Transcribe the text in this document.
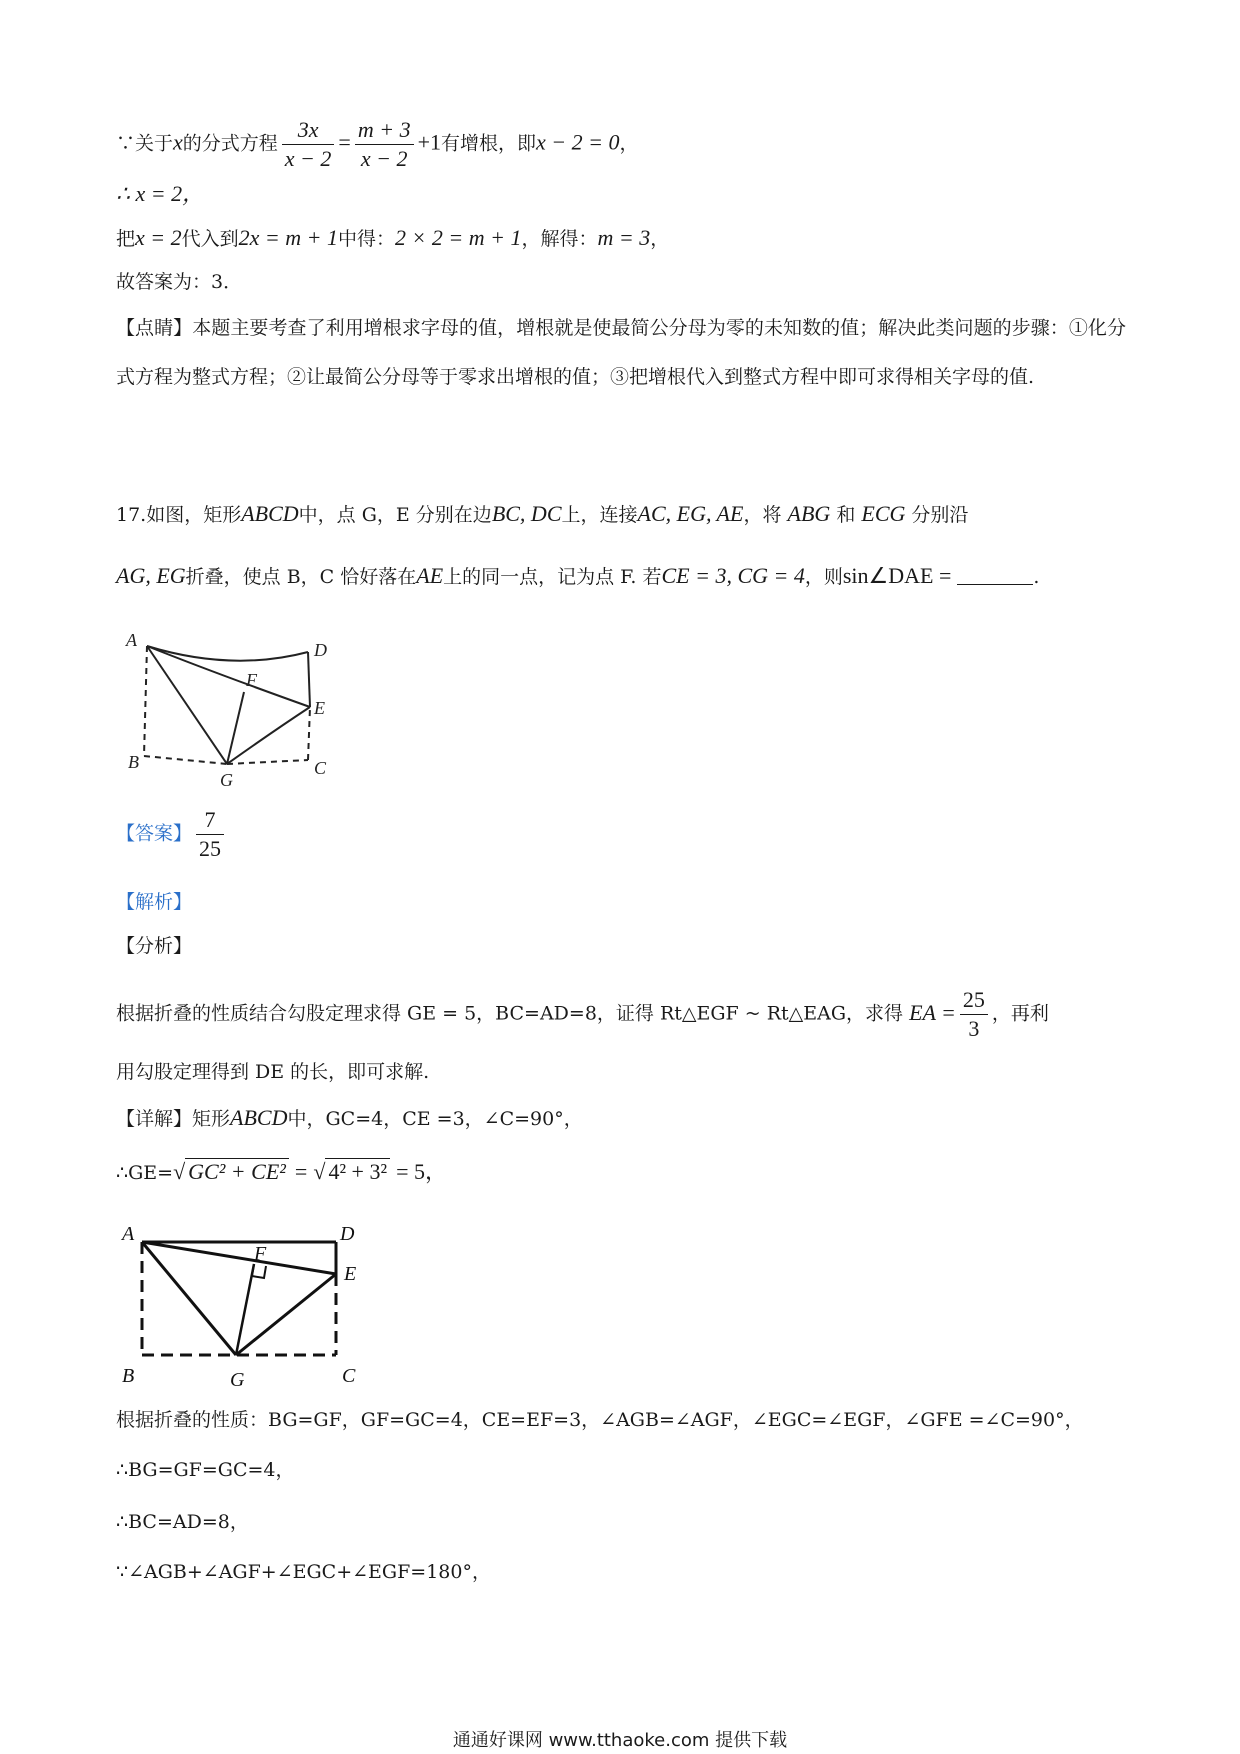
∵关于x的分式方程 $\frac{3x}{x - 2} = \frac{m + 3}{x - 2} +1$有增根，即x − 2 = 0，
∴ x = 2，
把x = 2代入到2x = m + 1中得：2 × 2 = m + 1，解得：m = 3，
故答案为：3．
【点睛】本题主要考查了利用增根求字母的值，增根就是使最简公分母为零的未知数的值；解决此类问题的步骤：①化分式方程为整式方程；②让最简公分母等于零求出增根的值；③把增根代入到整式方程中即可求得相关字母的值.
17.如图，矩形ABCD中，点 G，E 分别在边BC, DC上，连接AC, EG, AE，将 ABG 和 ECG 分别沿
AG, EG折叠，使点 B，C 恰好落在AE上的同一点，记为点 F. 若CE = 3, CG = 4，则sin∠DAE =	.
A	D
F
E
B
G
C
【答案】 $\frac{7}{25}$
【解析】
【分析】
根据折叠的性质结合勾股定理求得 GE = 5，BC=AD=8，证得 Rt△EGF ~ Rt△EAG，求得 EA = $\frac{25}{3}$ ，再利
用勾股定理得到 DE 的长，即可求解.
【详解】矩形ABCD中，GC=4，CE =3，∠C=90°，
∴GE=√ GC² + CE² = √ 4² + 3² = 5，
A	D
F
E
B	G	C
根据折叠的性质：BG=GF，GF=GC=4，CE=EF=3，∠AGB=∠AGF，∠EGC=∠EGF，∠GFE =∠C=90°，
∴BG=GF=GC=4，
∴BC=AD=8，
∵∠AGB+∠AGF+∠EGC+∠EGF=180°，
通通好课网 www.tthaoke.com 提供下载
